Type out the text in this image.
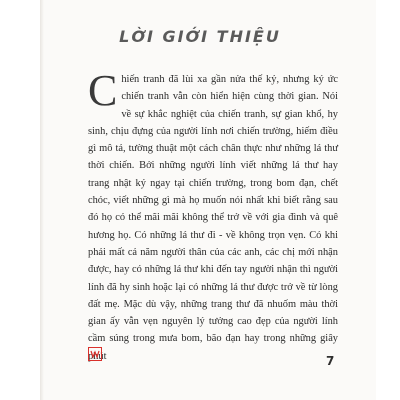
LỜI GIỚI THIỆU

Chiến tranh đã lùi xa gần nửa thế kỷ, nhưng ký ức chiến tranh vẫn còn hiển hiện cùng thời gian. Nói về sự khắc nghiệt của chiến tranh, sự gian khổ, hy sinh, chịu đựng của người lính nơi chiến trường, hiếm điều gì mô tả, tường thuật một cách chân thực như những lá thư thời chiến. Bởi những người lính viết những lá thư hay trang nhật ký ngay tại chiến trường, trong bom đạn, chết chóc, viết những gì mà họ muốn nói nhất khi biết rằng sau đó họ có thể mãi mãi không thể trở về với gia đình và quê hương họ. Có những lá thư đi - về không trọn vẹn. Có khi phải mất cả năm người thân của các anh, các chị mới nhận được, hay có những lá thư khi đến tay người nhận thì người lính đã hy sinh hoặc lại có những lá thư được trở về từ lòng đất mẹ. Mặc dù vậy, những trang thư đã nhuốm màu thời gian ấy vẫn vẹn nguyên lý tưởng cao đẹp của người lính cầm súng trong mưa bom, bão đạn hay trong những giây phút	7
